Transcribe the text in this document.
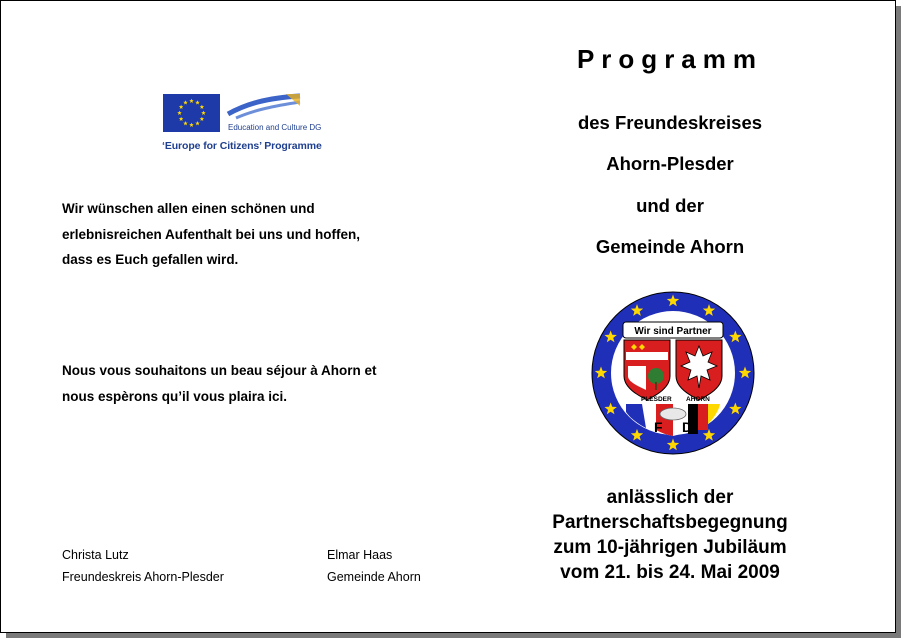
Education and Culture DG
‘Europe for Citizens’ Programme
Wir wünschen allen einen schönen und
erlebnisreichen Aufenthalt bei uns und hoffen,
dass es Euch gefallen wird.
Nous vous souhaitons un beau séjour à Ahorn et
nous espèrons qu’il vous plaira ici.
Christa Lutz
Freundeskreis Ahorn-Plesder
Elmar Haas
Gemeinde Ahorn
Programm
des Freundeskreises
Ahorn-Plesder
und der
Gemeinde Ahorn
Wir sind Partner
PLESDER AHORN
F D
anlässlich der
Partnerschaftsbegegnung
zum 10-jährigen Jubiläum
vom 21. bis 24. Mai 2009
